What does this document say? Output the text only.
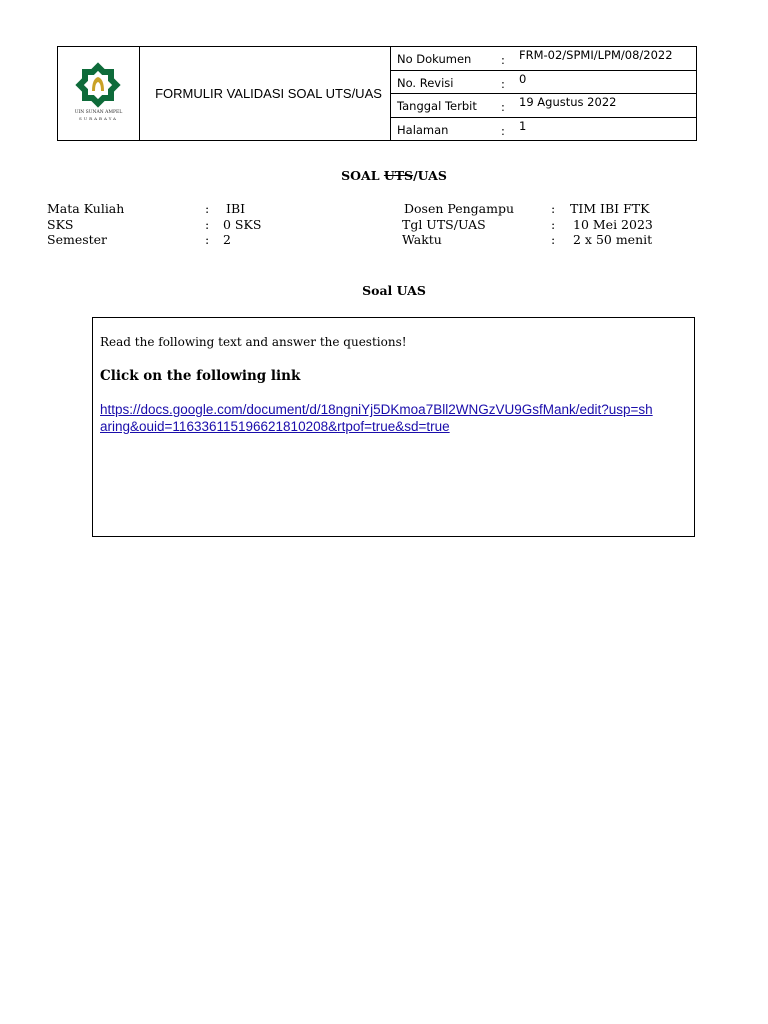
UIN SUNAN AMPEL
SURABAYA
FORMULIR VALIDASI SOAL UTS/UAS
No Dokumen	: FRM-02/SPMI/LPM/08/2022
No. Revisi	: 0
Tanggal Terbit : 19 Agustus 2022
Halaman	: 1
SOAL UTS/UAS
Mata Kuliah	: IBI
SKS	: 0 SKS
Semester	: 2
Dosen Pengampu	: TIM IBI FTK
Tgl UTS/UAS	: 10 Mei 2023
Waktu	: 2 x 50 menit
Soal UAS
Read the following text and answer the questions!
Click on the following link
https://docs.google.com/document/d/18ngniYj5DKmoa7Bll2WNGzVU9GsfMank/edit?usp=sharing&ouid=116336115196621810208&rtpof=true&sd=true
